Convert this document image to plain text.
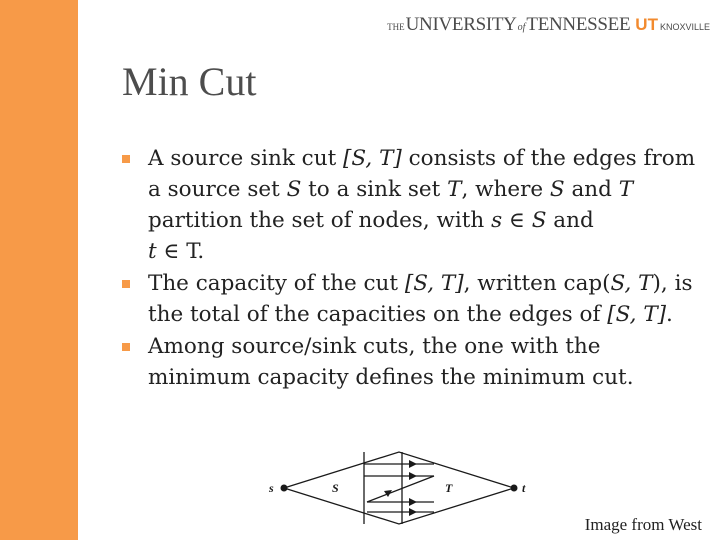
THE UNIVERSITY of TENNESSEE UT KNOXVILLE
Min Cut
A source sink cut [S, T] consists of the edges from a source set S to a sink set T, where S and T partition the set of nodes, with s ∈ S and
t ∈ T.
The capacity of the cut [S, T], written cap(S, T), is the total of the capacities on the edges of [S, T].
Among source/sink cuts, the one with the minimum capacity defines the minimum cut.
s	S	T	t
Image from West
